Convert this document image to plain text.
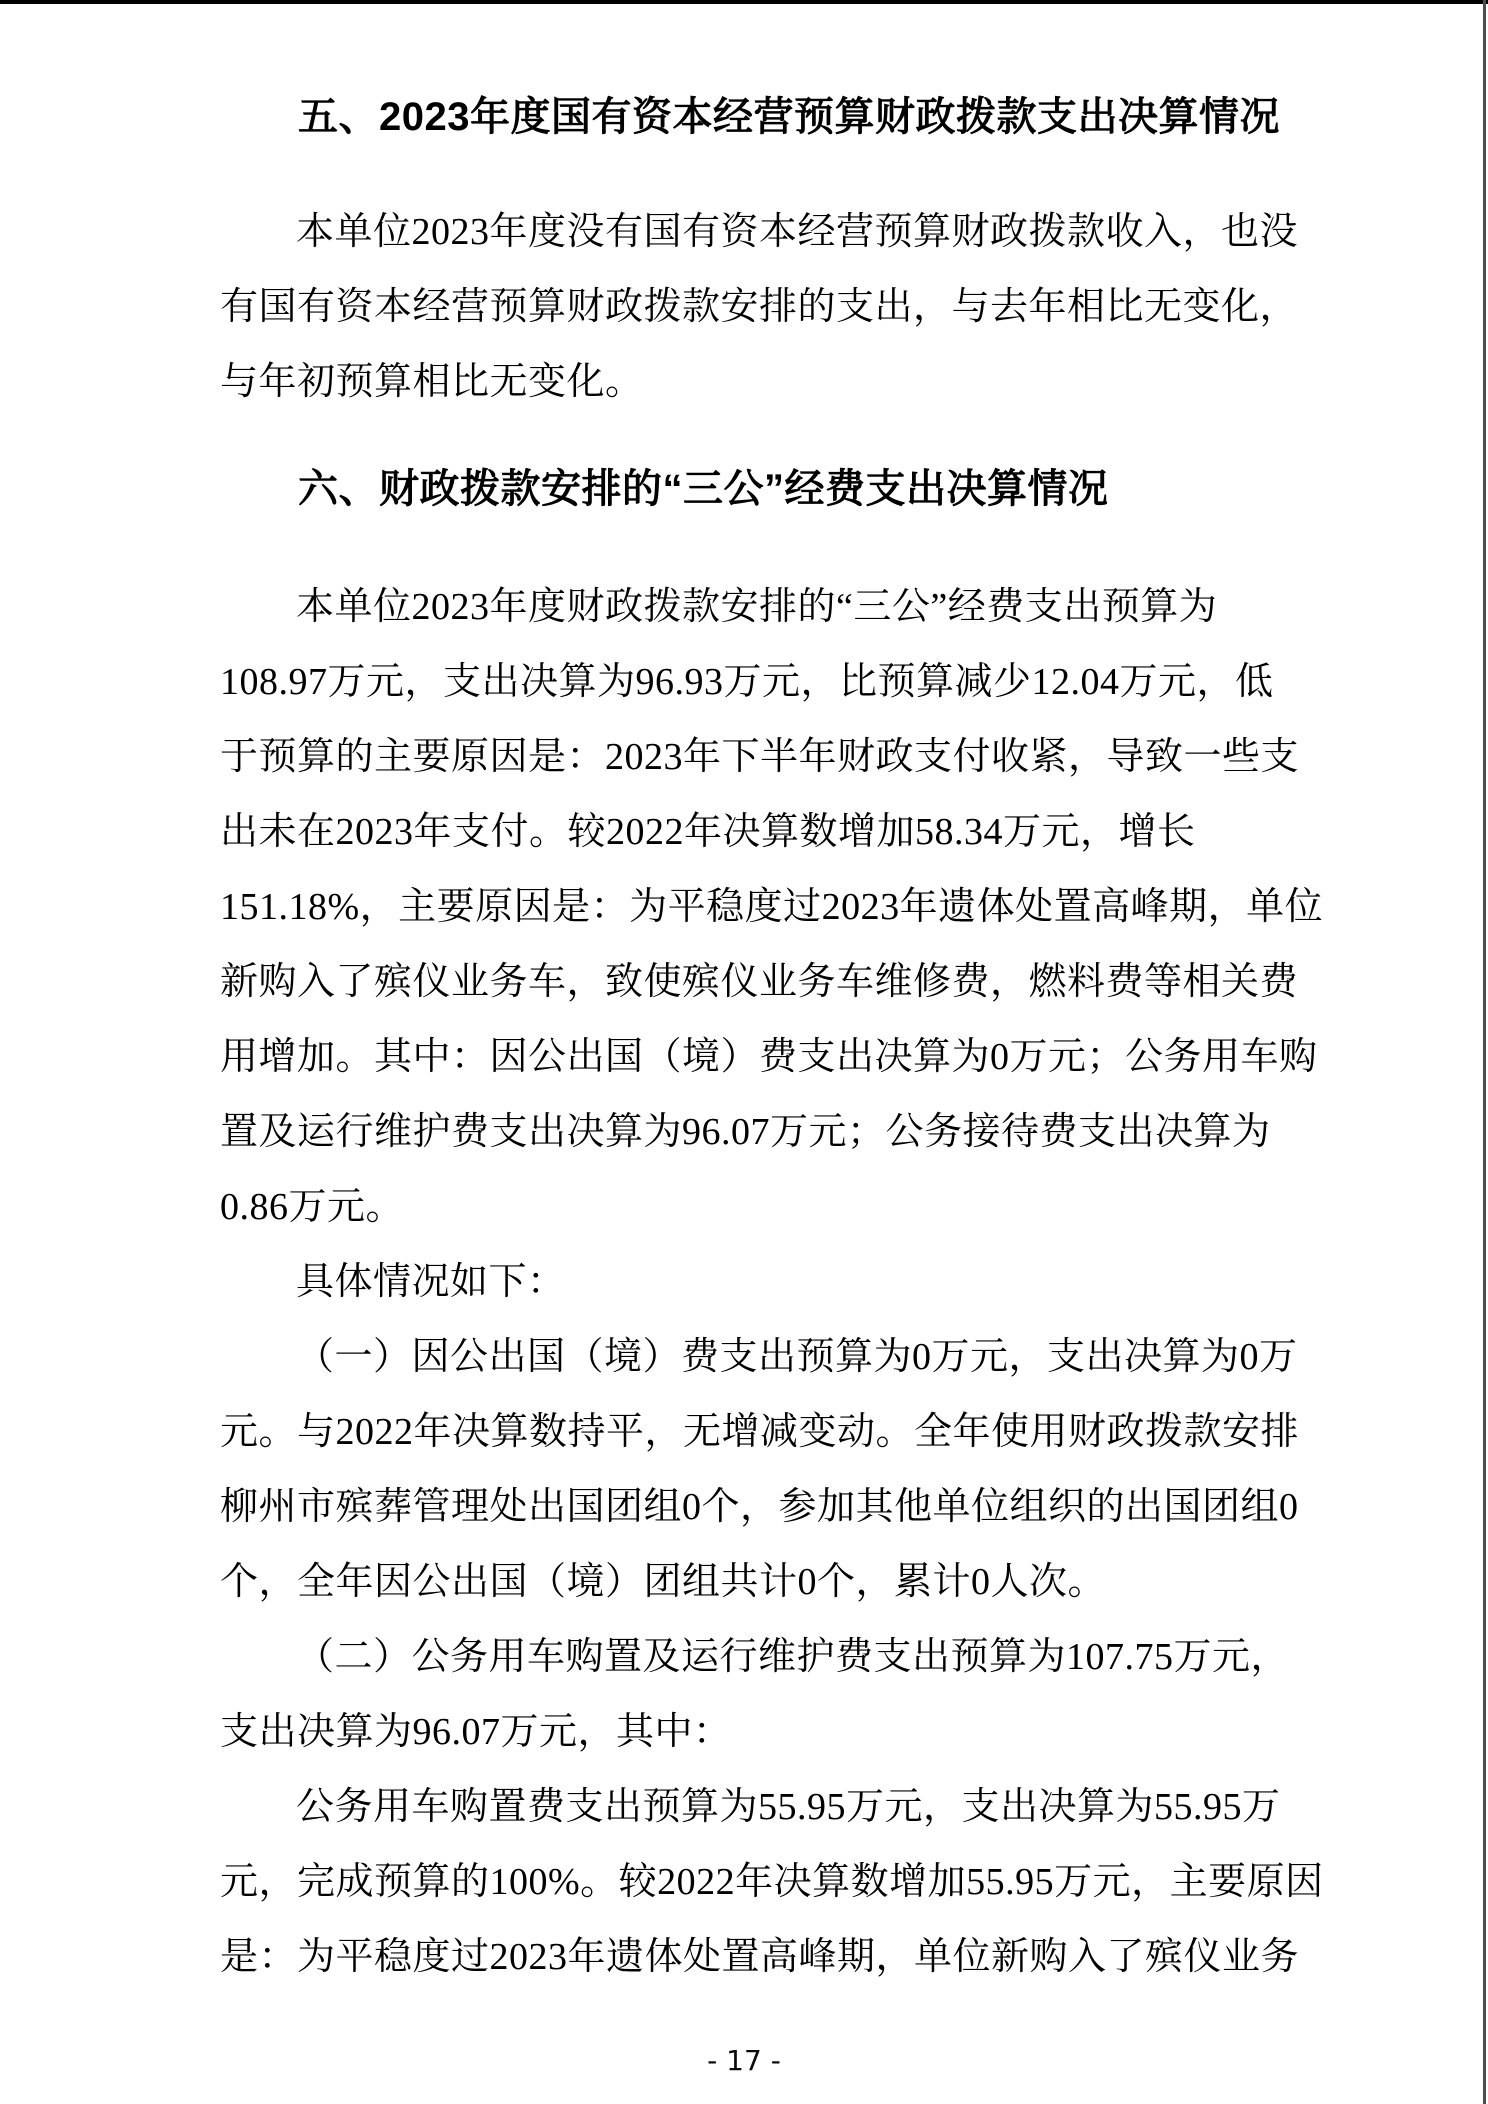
五、2023年度国有资本经营预算财政拨款支出决算情况
本单位2023年度没有国有资本经营预算财政拨款收入，也没
有国有资本经营预算财政拨款安排的支出，与去年相比无变化，
与年初预算相比无变化。
六、财政拨款安排的“三公”经费支出决算情况
本单位2023年度财政拨款安排的“三公”经费支出预算为
108.97万元，支出决算为96.93万元，比预算减少12.04万元，低
于预算的主要原因是：2023年下半年财政支付收紧，导致一些支
出未在2023年支付。较2022年决算数增加58.34万元，增长
151.18%，主要原因是：为平稳度过2023年遗体处置高峰期，单位
新购入了殡仪业务车，致使殡仪业务车维修费，燃料费等相关费
用增加。其中：因公出国（境）费支出决算为0万元；公务用车购
置及运行维护费支出决算为96.07万元；公务接待费支出决算为
0.86万元。
具体情况如下：
（一）因公出国（境）费支出预算为0万元，支出决算为0万
元。与2022年决算数持平，无增减变动。全年使用财政拨款安排
柳州市殡葬管理处出国团组0个，参加其他单位组织的出国团组0
个，全年因公出国（境）团组共计0个，累计0人次。
（二）公务用车购置及运行维护费支出预算为107.75万元，
支出决算为96.07万元，其中：
公务用车购置费支出预算为55.95万元，支出决算为55.95万
元，完成预算的100%。较2022年决算数增加55.95万元，主要原因
是：为平稳度过2023年遗体处置高峰期，单位新购入了殡仪业务
- 17 -
